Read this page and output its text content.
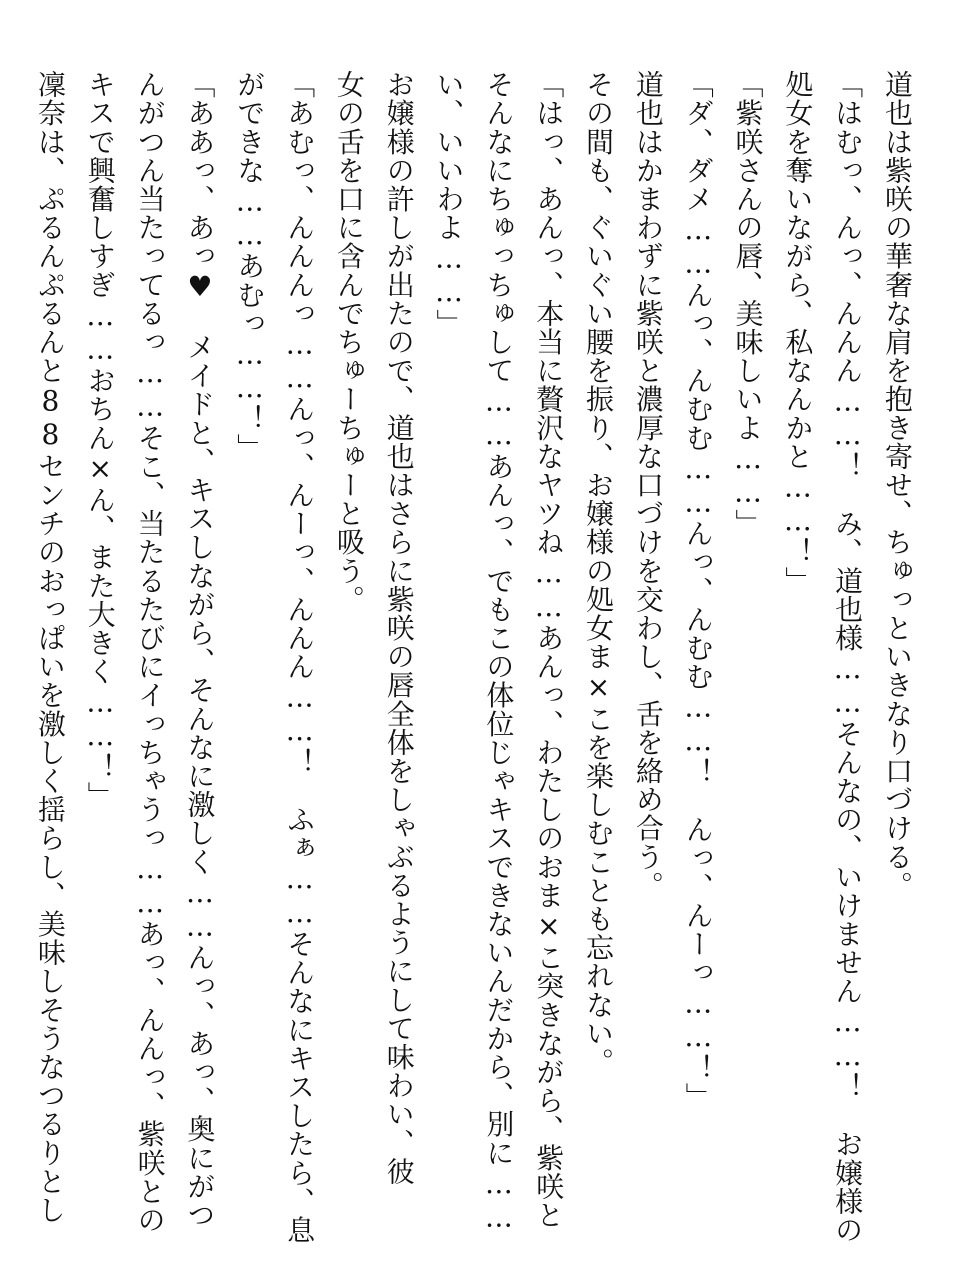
道也は紫咲の華奢な肩を抱き寄せ、ちゅっといきなり口づける。

「はむっ、んっ、んんん……！　み、道也様……そんなの、いけません……！　お嬢様の

処女を奪いながら、私なんかと……！」

「紫咲さんの唇、美味しいよ……」

「ダ、ダメ……んっ、んむむ……んっ、んむむ……！　んっ、んーっ……！」

道也はかまわずに紫咲と濃厚な口づけを交わし、舌を絡め合う。

その間も、ぐいぐい腰を振り、お嬢様の処女ま×こを楽しむことも忘れない。

「はっ、あんっ、本当に贅沢なヤツね……あんっ、わたしのおま×こ突きながら、紫咲と

そんなにちゅっちゅして……あんっ、でもこの体位じゃキスできないんだから、別に……

い、いいわよ……」

お嬢様の許しが出たので、道也はさらに紫咲の唇全体をしゃぶるようにして味わい、彼

女の舌を口に含んでちゅーちゅーと吸う。

「あむっ、んんんっ……んっ、んーっ、んんん……！　ふぁ……そんなにキスしたら、息

ができな……あむっ……！」

「ああっ、あっ♥　メイドと、キスしながら、そんなに激しく……んっ、あっ、奥にがつ

んがつん当たってるっ……そこ、当たるたびにイっちゃうっ……あっ、んんっ、紫咲との

キスで興奮しすぎ……おちん×ん、また大きく……！」

凜奈は、ぷるんぷるんと88センチのおっぱいを激しく揺らし、美味しそうなつるりとし
